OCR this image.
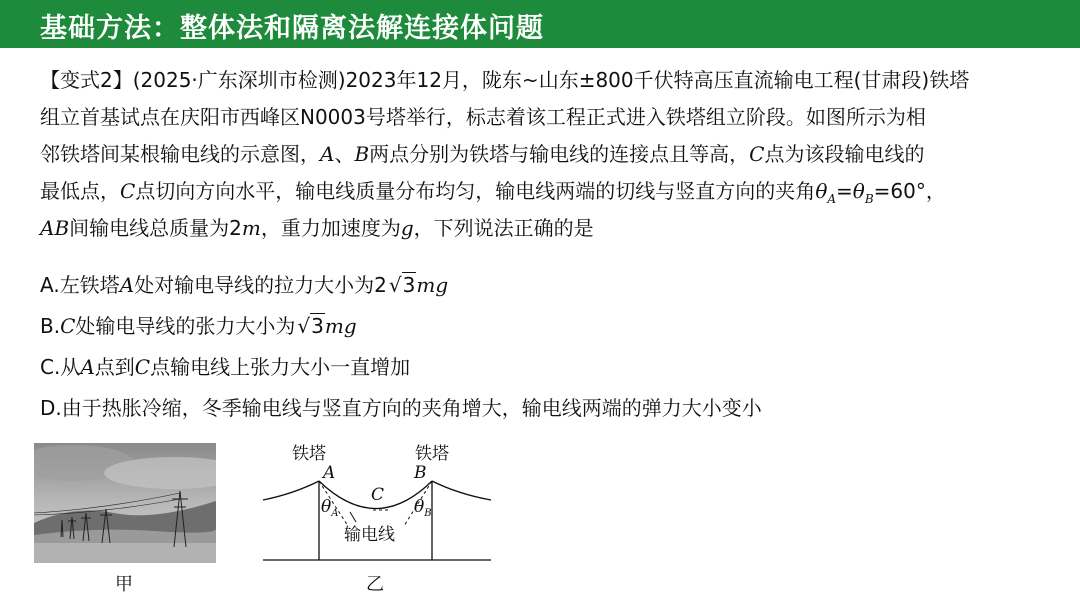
基础方法：整体法和隔离法解连接体问题
【变式2】(2025·广东深圳市检测)2023年12月，陇东~山东±800千伏特高压直流输电工程(甘肃段)铁塔
组立首基试点在庆阳市西峰区N0003号塔举行，标志着该工程正式进入铁塔组立阶段。如图所示为相
邻铁塔间某根输电线的示意图，A、B两点分别为铁塔与输电线的连接点且等高，C点为该段输电线的
最低点，C点切向方向水平，输电线质量分布均匀，输电线两端的切线与竖直方向的夹角$\theta_A=\theta_B=60^\circ$，
AB间输电线总质量为2m，重力加速度为g，下列说法正确的是
A.左铁塔A处对输电导线的拉力大小为2 √3mg
B.C处输电导线的张力大小为 √3mg
C.从A点到C点输电线上张力大小一直增加
D.由于热胀冷缩，冬季输电线与竖直方向的夹角增大，输电线两端的弹力大小变小
甲
铁塔	铁塔
A	B
C
$\theta_A$	$\theta_B$
输电线
乙
